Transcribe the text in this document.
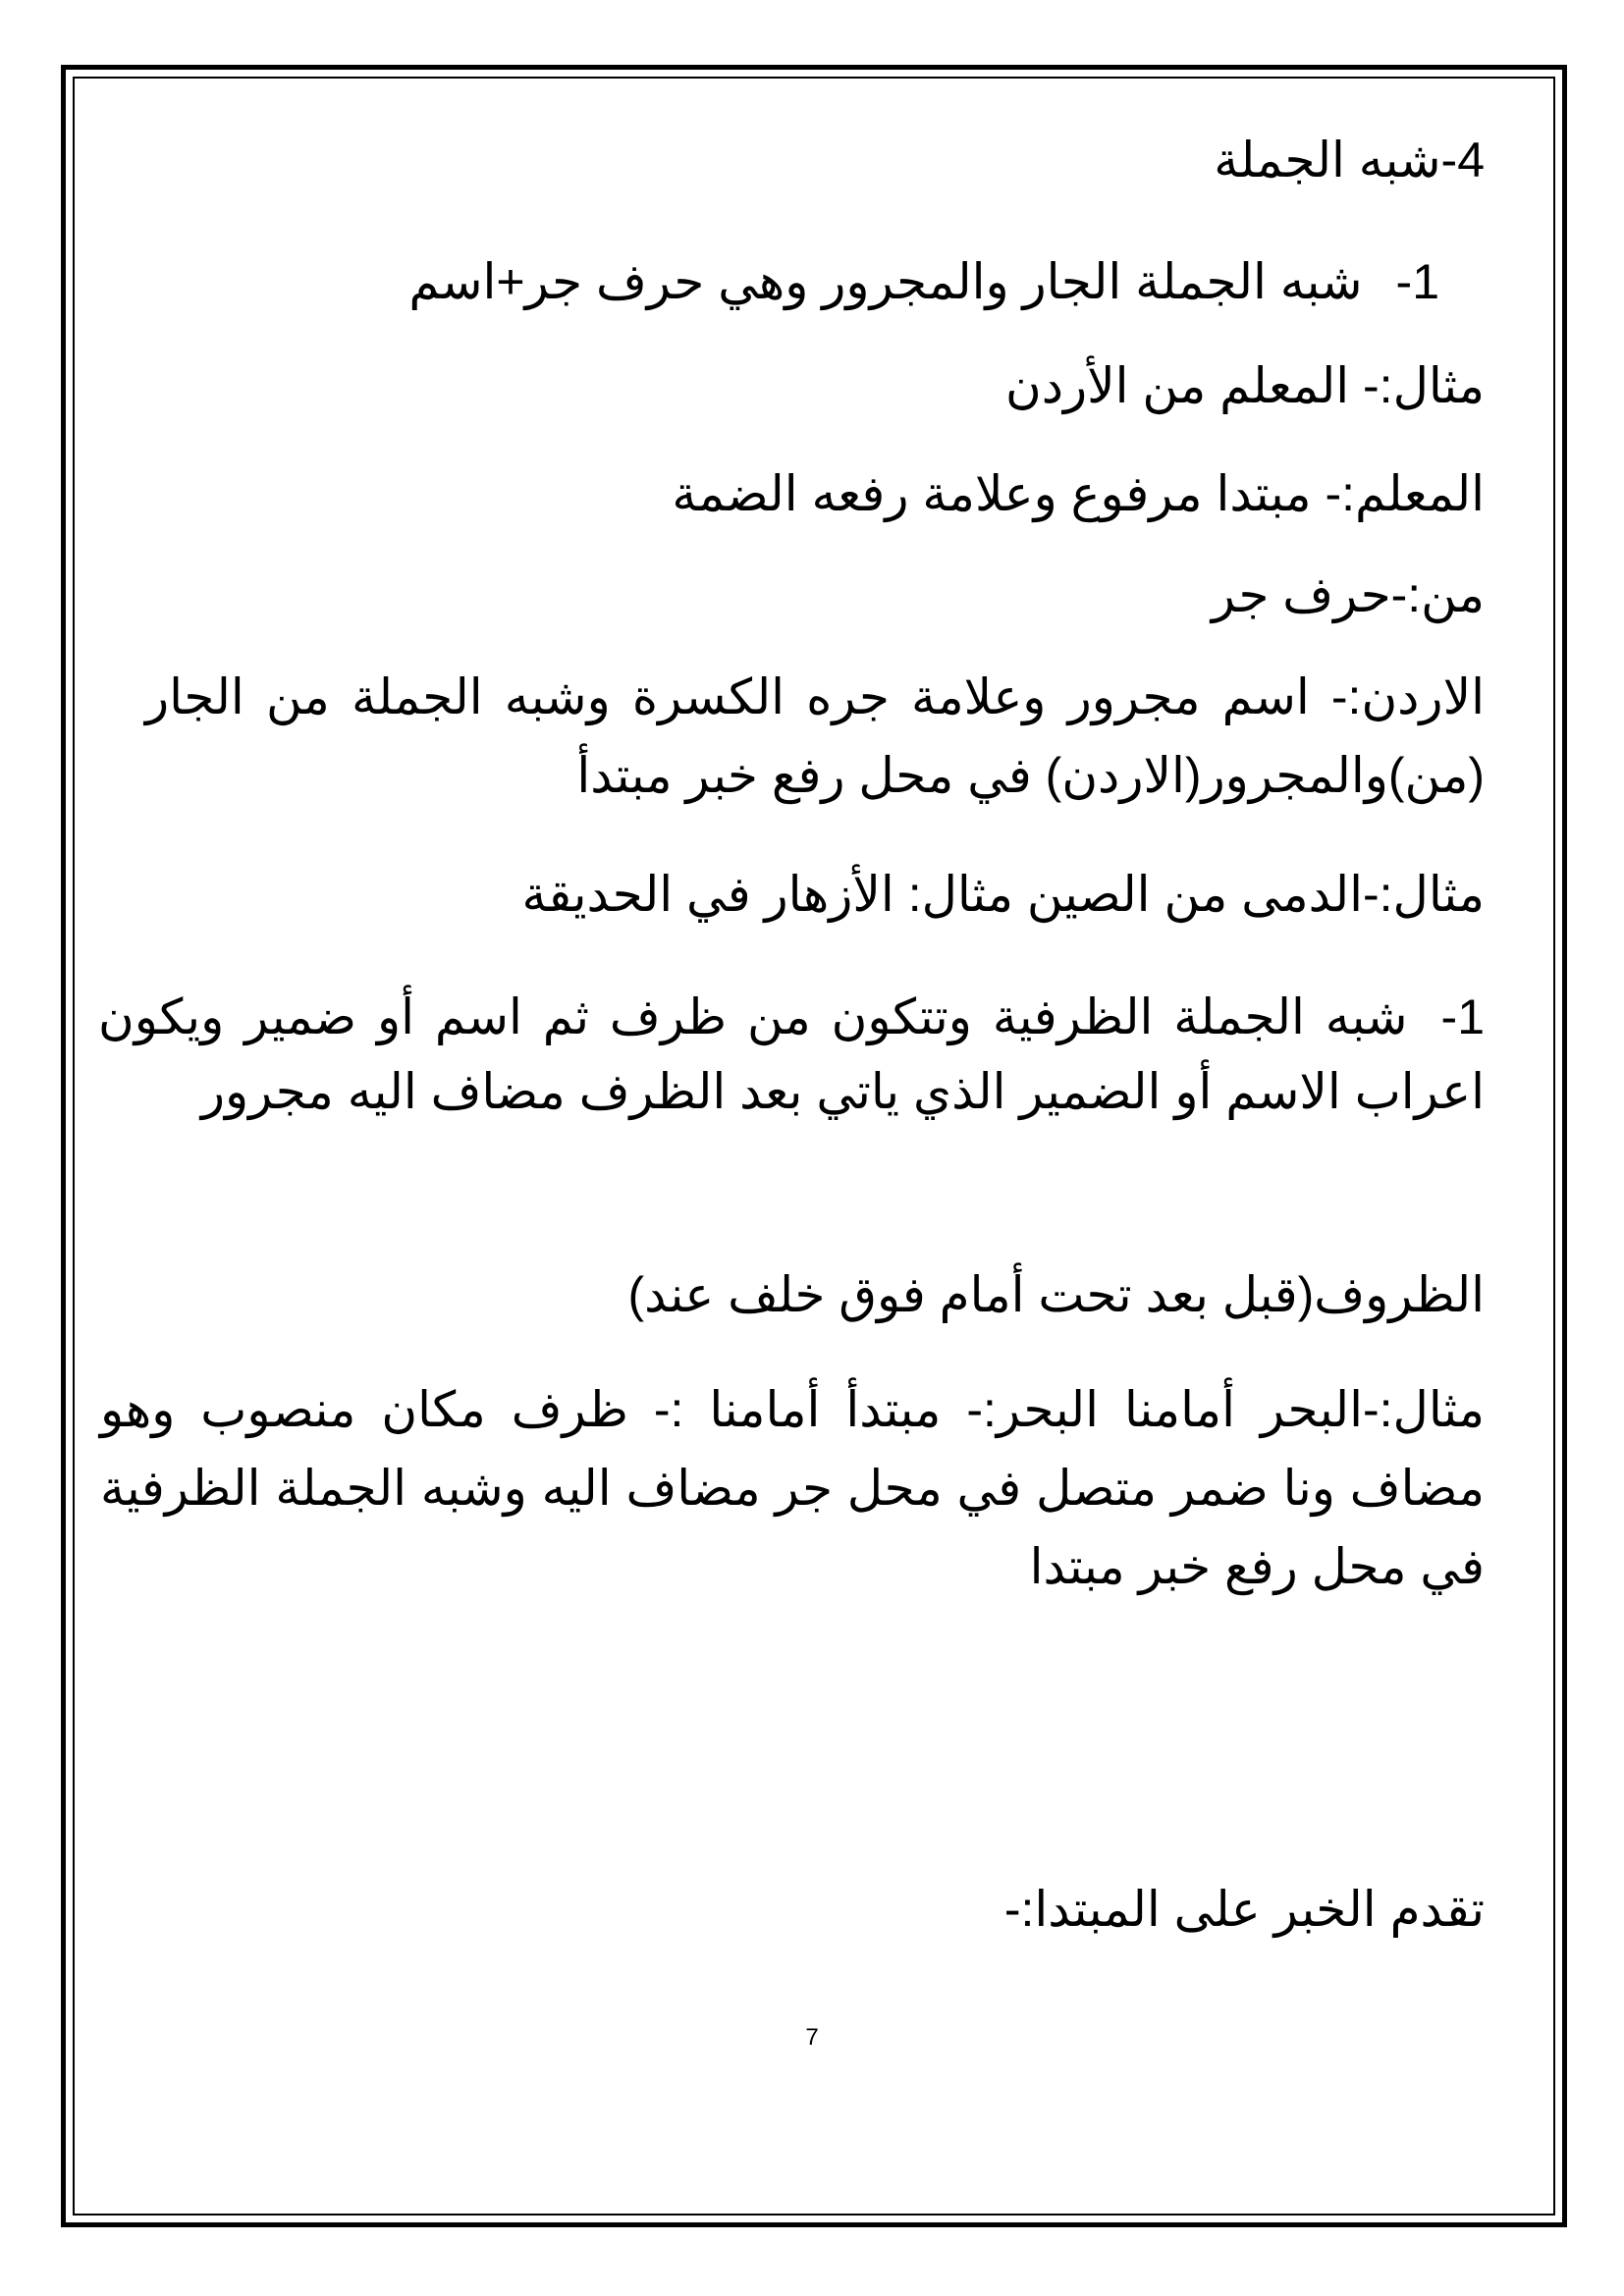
4-شبه الجملة
1-شبه الجملة الجار والمجرور وهي حرف جر+اسم
مثال:- المعلم من الأردن
المعلم:- مبتدا مرفوع وعلامة رفعه الضمة
من:-حرف جر
الاردن:- اسم مجرور وعلامة جره الكسرة وشبه الجملة من الجار (من)والمجرور(الاردن) في محل رفع خبر مبتدأ
مثال:-الدمى من الصين مثال: الأزهار في الحديقة
1-شبه الجملة الظرفية وتتكون من ظرف ثم اسم أو ضمير ويكون اعراب الاسم أو الضمير الذي ياتي بعد الظرف مضاف اليه مجرور
الظروف(قبل بعد تحت أمام فوق خلف عند)
مثال:-البحر أمامنا البحر:- مبتدأ أمامنا :- ظرف مكان منصوب وهو مضاف ونا ضمر متصل في محل جر مضاف اليه وشبه الجملة الظرفية في محل رفع خبر مبتدا
تقدم الخبر على المبتدا:-
7
